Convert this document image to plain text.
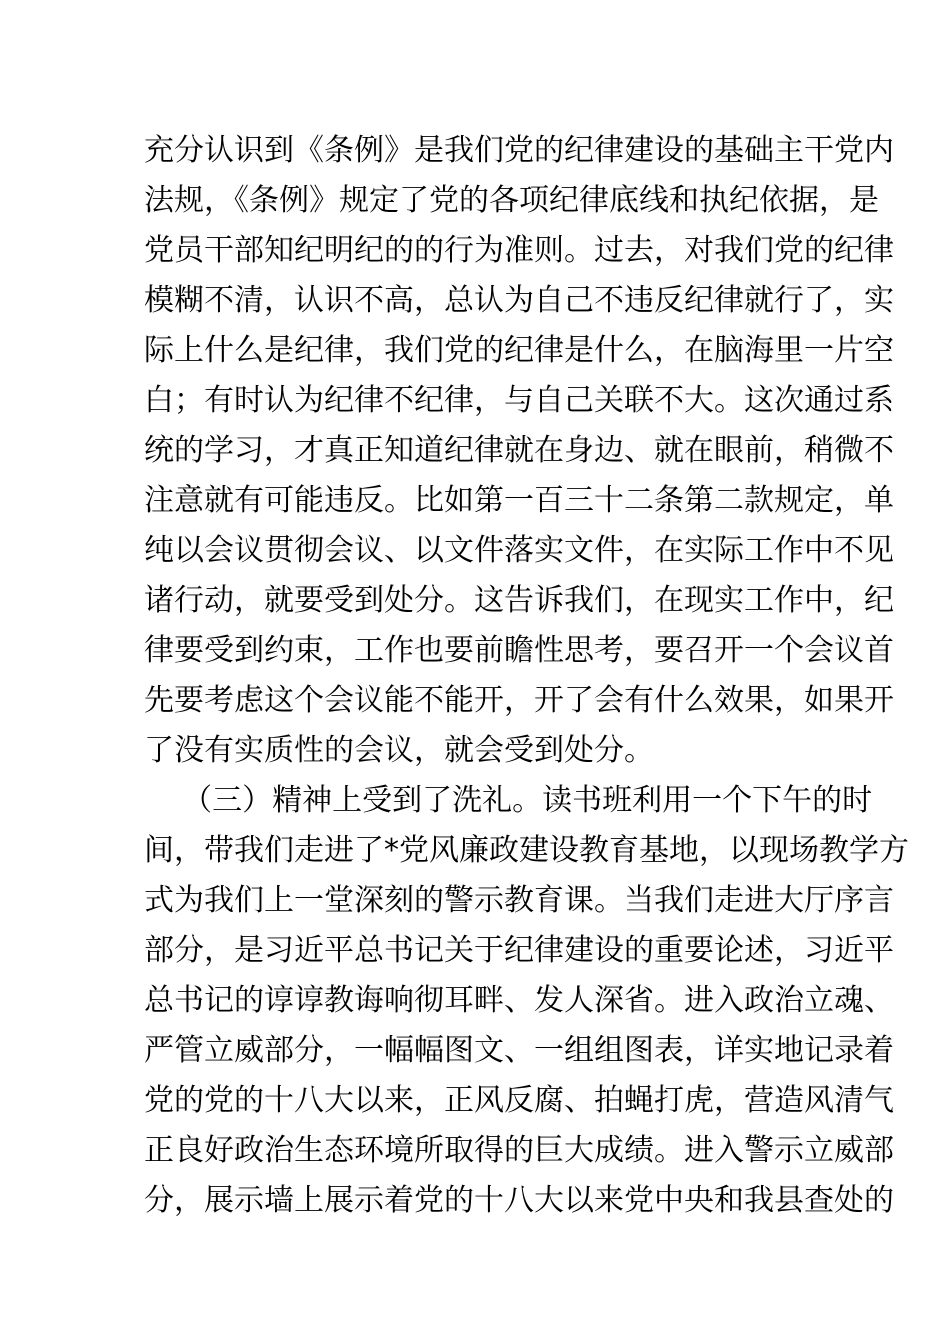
充分认识到《条例》是我们党的纪律建设的基础主干党内
法规，《条例》规定了党的各项纪律底线和执纪依据，是
党员干部知纪明纪的的行为准则。过去，对我们党的纪律
模糊不清，认识不高，总认为自己不违反纪律就行了，实
际上什么是纪律，我们党的纪律是什么，在脑海里一片空
白；有时认为纪律不纪律，与自己关联不大。这次通过系
统的学习，才真正知道纪律就在身边、就在眼前，稍微不
注意就有可能违反。比如第一百三十二条第二款规定，单
纯以会议贯彻会议、以文件落实文件，在实际工作中不见
诸行动，就要受到处分。这告诉我们，在现实工作中，纪
律要受到约束，工作也要前瞻性思考，要召开一个会议首
先要考虑这个会议能不能开，开了会有什么效果，如果开
了没有实质性的会议，就会受到处分。
（三）精神上受到了洗礼。读书班利用一个下午的时
间，带我们走进了*党风廉政建设教育基地，以现场教学方
式为我们上一堂深刻的警示教育课。当我们走进大厅序言
部分，是习近平总书记关于纪律建设的重要论述，习近平
总书记的谆谆教诲响彻耳畔、发人深省。进入政治立魂、
严管立威部分，一幅幅图文、一组组图表，详实地记录着
党的党的十八大以来，正风反腐、拍蝇打虎，营造风清气
正良好政治生态环境所取得的巨大成绩。进入警示立威部
分，展示墙上展示着党的十八大以来党中央和我县查处的
